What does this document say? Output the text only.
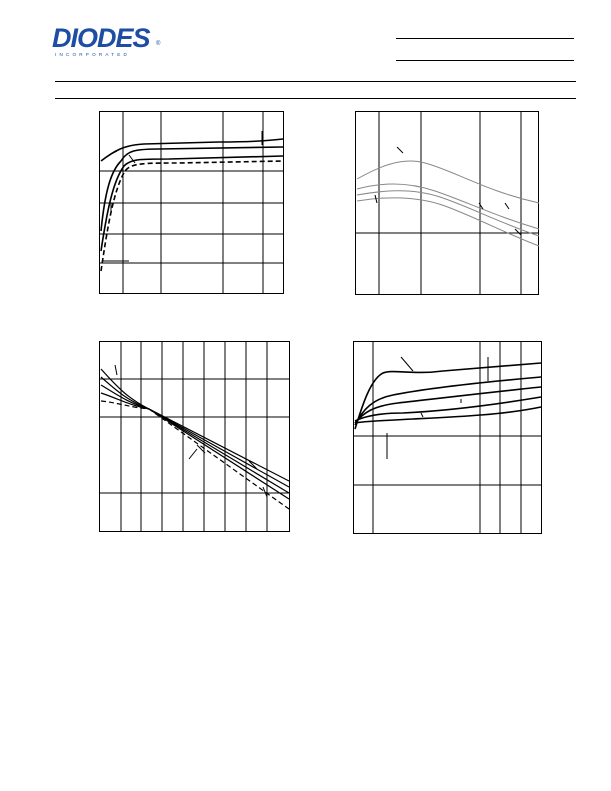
DIODES ®
INCORPORATED
